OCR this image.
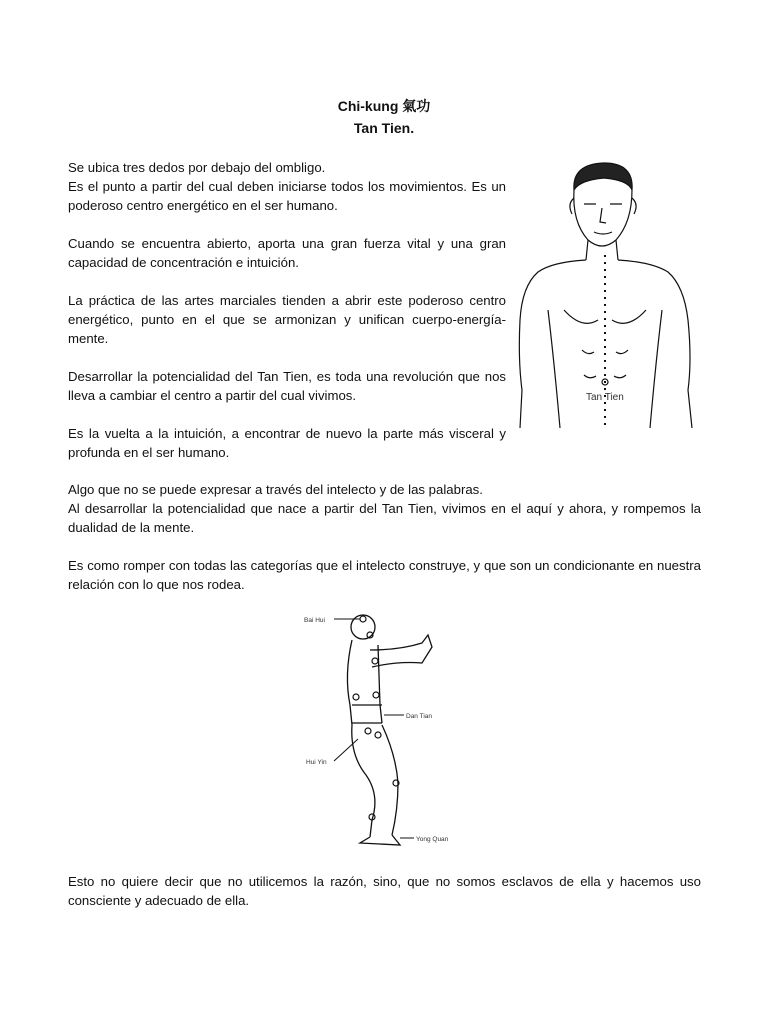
Chi-kung 氣功
Tan Tien.
Se ubica tres dedos por debajo del ombligo.
Es el punto a partir del cual deben iniciarse todos los movimientos. Es un poderoso centro energético en el ser humano.

Cuando se encuentra abierto, aporta una gran fuerza vital y una gran capacidad de concentración e intuición.

La práctica de las artes marciales tienden a abrir este poderoso centro energético, punto en el que se armonizan y unifican cuerpo-energía-mente.

Desarrollar la potencialidad del Tan Tien, es toda una revolución que nos lleva a cambiar el centro a partir del cual vivimos.

Es la vuelta a la intuición, a encontrar de nuevo la parte más visceral y profunda en el ser humano.

Algo que no se puede expresar a través del intelecto y de las palabras.
Al desarrollar la potencialidad que nace a partir del Tan Tien, vivimos en el aquí y ahora, y rompemos la dualidad de la mente.

Es como romper con todas las categorías que el intelecto construye, y que son un condicionante en nuestra relación con lo que nos rodea.

Esto no quiere decir que no utilicemos la razón, sino, que no somos esclavos de ella y hacemos uso consciente y adecuado de ella.

Tan Tien
Bai Hui
Dan Tian
Hui Yin
Yong Quan
